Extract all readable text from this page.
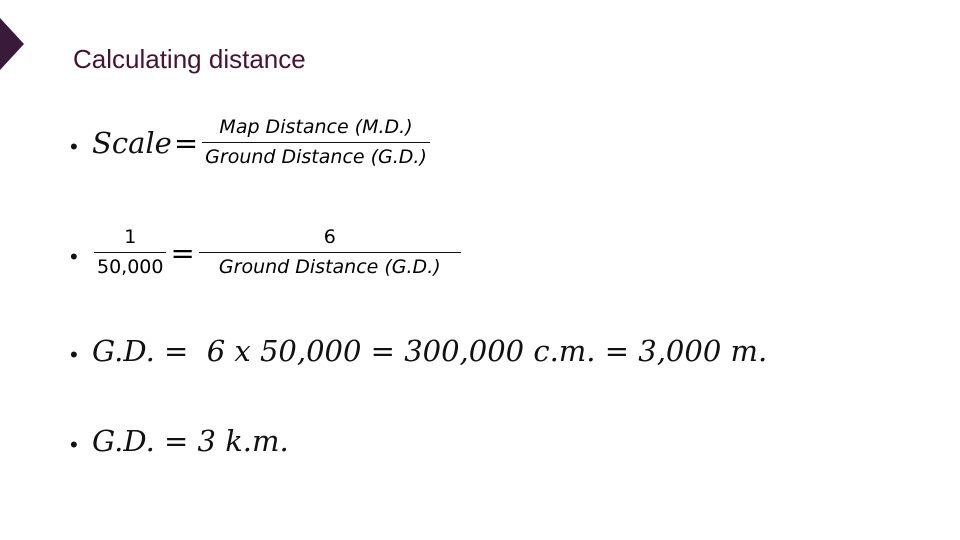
Calculating distance
• Scale = $\frac{\text{Map Distance (M.D.)}}{\text{Ground Distance (G.D.)}}$
• $\frac{1}{50,000} = \frac{6}{\text{Ground Distance (G.D.)}}$
• G.D. =  6 x 50,000 = 300,000 c.m. = 3,000 m.
• G.D. = 3 k.m.
